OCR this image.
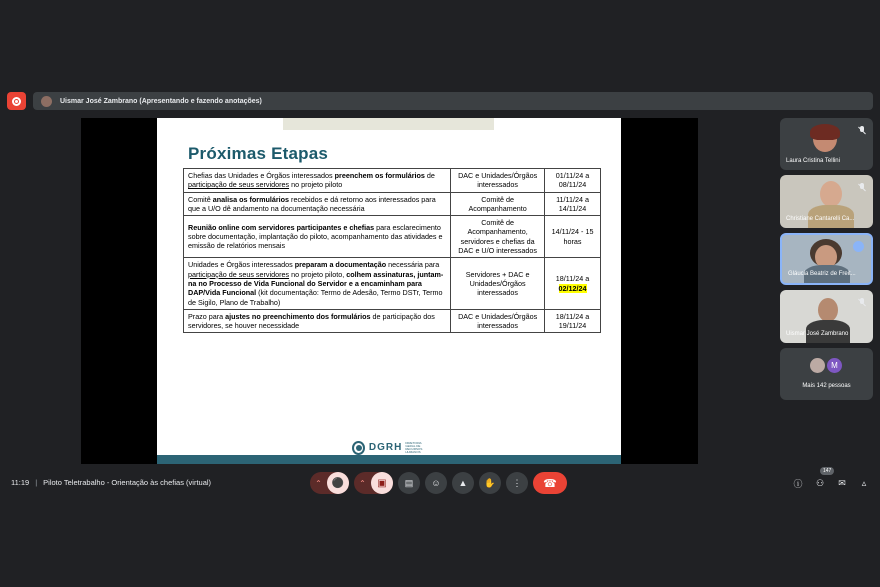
Uismar José Zambrano (Apresentando e fazendo anotações)
Próximas Etapas
Chefias das Unidades e Órgãos interessados preenchem os formulários de participação de seus servidores no projeto piloto	DAC e Unidades/Órgãos interessados	01/11/24 a 08/11/24
Comitê analisa os formulários recebidos e dá retorno aos interessados para que a U/O dê andamento na documentação necessária	Comitê de Acompanhamento	11/11/24 a 14/11/24
Reunião online com servidores participantes e chefias para esclarecimento sobre documentação, implantação do piloto, acompanhamento das atividades e emissão de relatórios mensais	Comitê de Acompanhamento, servidores e chefias da DAC e U/O interessados	14/11/24 - 15 horas
Unidades e Órgãos interessados preparam a documentação necessária para participação de seus servidores no projeto piloto, colhem assinaturas, juntam-na no Processo de Vida Funcional do Servidor e a encaminham para DAP/Vida Funcional (kit documentação: Termo de Adesão, Termo DSTr, Termo de Sigilo, Plano de Trabalho)	Servidores + DAC e Unidades/Órgãos interessados	18/11/24 a
02/12/24
Prazo para ajustes no preenchimento dos formulários de participação dos servidores, se houver necessidade	DAC e Unidades/Órgãos interessados	18/11/24 a 19/11/24
DGRH DIRETORIA GERAL DE RECURSOS HUMANOS
Laura Cristina Tellini
Christiane Cantarelli Ca...
Gláucia Beatriz de Freit...
Uismar José Zambrano
M
Mais 142 pessoas
11:19 | Piloto Teletrabalho - Orientação às chefias (virtual)	⌃ ⚫	⌃	▣	▤	☺	▲	✋	⋮	☎
147
ⓘ	⚇	✉	▵
